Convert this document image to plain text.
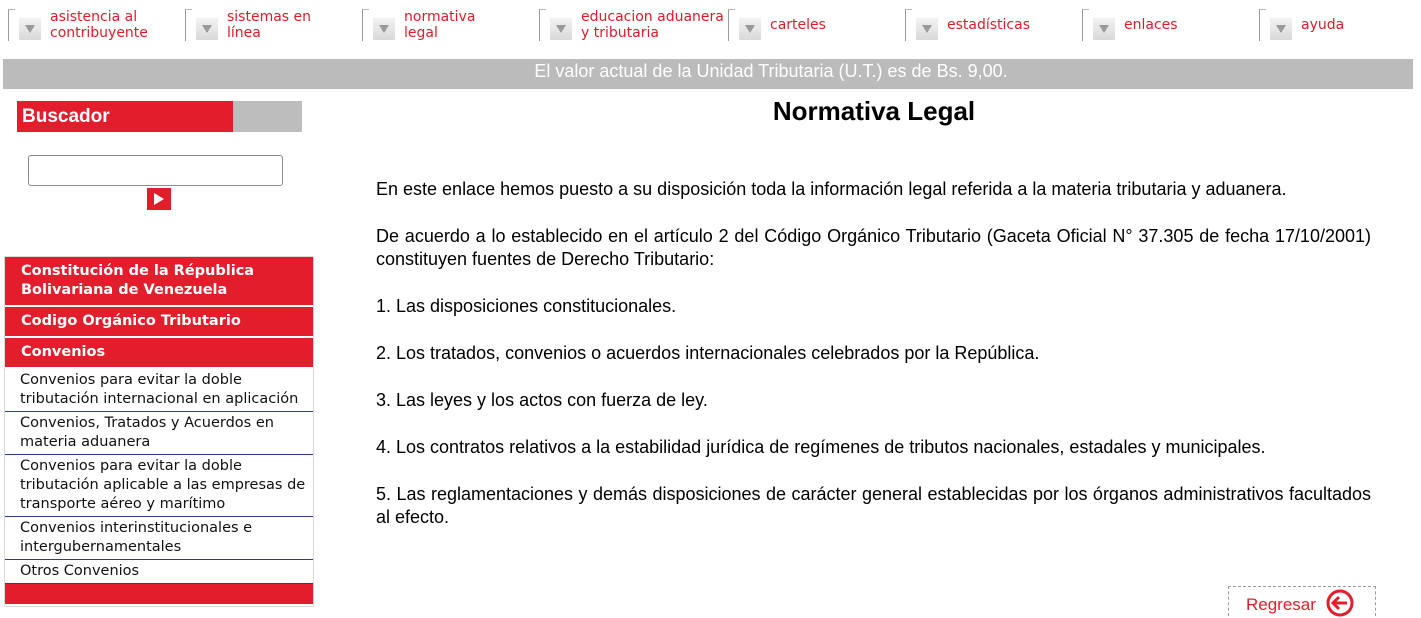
asistencia al
contribuyente
sistemas en
línea
normativa
legal
educacion aduanera
y tributaria	carteles	estadísticas	enlaces	ayuda
El valor actual de la Unidad Tributaria (U.T.) es de Bs. 9,00.
Buscador
Constitución de la Républica
Bolivariana de Venezuela
Codigo Orgánico Tributario
Convenios
Convenios para evitar la doble
tributación internacional en aplicación
Convenios, Tratados y Acuerdos en
materia aduanera
Convenios para evitar la doble
tributación aplicable a las empresas de
transporte aéreo y marítimo
Convenios interinstitucionales e
intergubernamentales
Otros Convenios
Normativa Legal

En este enlace hemos puesto a su disposición toda la información legal referida a la materia tributaria y aduanera.

De acuerdo a lo establecido en el artículo 2 del Código Orgánico Tributario (Gaceta Oficial N° 37.305 de fecha 17/10/2001) constituyen fuentes de Derecho Tributario:

1. Las disposiciones constitucionales.

2. Los tratados, convenios o acuerdos internacionales celebrados por la República.

3. Las leyes y los actos con fuerza de ley.

4. Los contratos relativos a la estabilidad jurídica de regímenes de tributos nacionales, estadales y municipales.

5. Las reglamentaciones y demás disposiciones de carácter general establecidas por los órganos administrativos facultados al efecto.

Regresar
